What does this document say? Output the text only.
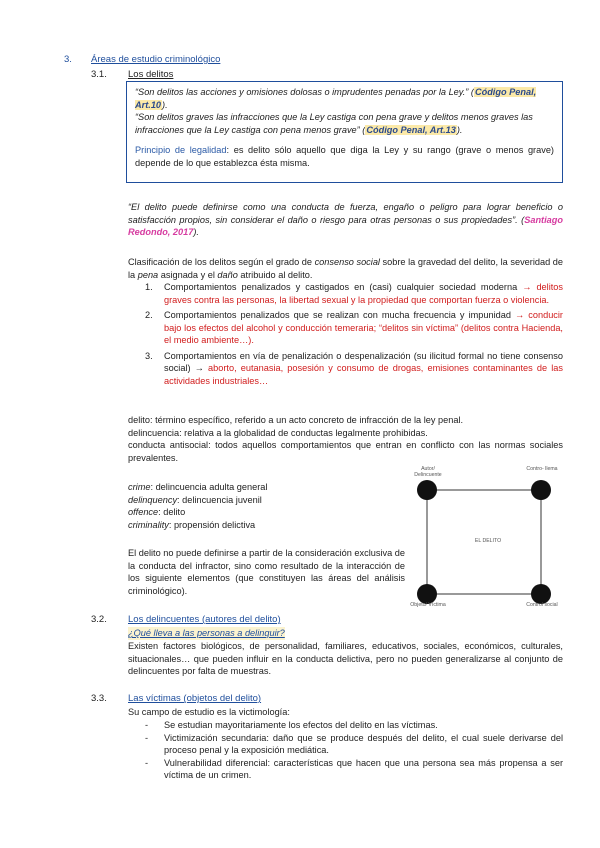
3. Áreas de estudio criminológico
3.1. Los delitos
“Son delitos las acciones y omisiones dolosas o imprudentes penadas por la Ley.” (Código Penal, Art.10).
“Son delitos graves las infracciones que la Ley castiga con pena grave y delitos menos graves las infracciones que la Ley castiga con pena menos grave” (Código Penal, Art.13).
Principio de legalidad: es delito sólo aquello que diga la Ley y su rango (grave o menos grave) depende de lo que establezca ésta misma.
“El delito puede definirse como una conducta de fuerza, engaño o peligro para lograr beneficio o satisfacción propios, sin considerar el daño o riesgo para otras personas o sus propiedades”. (Santiago Redondo, 2017).
Clasificación de los delitos según el grado de consenso social sobre la gravedad del delito, la severidad de la pena asignada y el daño atribuido al delito.
1. Comportamientos penalizados y castigados en (casi) cualquier sociedad moderna → delitos graves contra las personas, la libertad sexual y la propiedad que comportan fuerza o violencia.
2. Comportamientos penalizados que se realizan con mucha frecuencia y impunidad → conducir bajo los efectos del alcohol y conducción temeraria; “delitos sin víctima” (delitos contra Hacienda, el medio ambiente…).
3. Comportamientos en vía de penalización o despenalización (su ilicitud formal no tiene consenso social) → aborto, eutanasia, posesión y consumo de drogas, emisiones contaminantes de las actividades industriales…
delito: término específico, referido a un acto concreto de infracción de la ley penal.
delincuencia: relativa a la globalidad de conductas legalmente prohibidas.
conducta antisocial: todos aquellos comportamientos que entran en conflicto con las normas sociales prevalentes.
crime: delincuencia adulta general
delinquency: delincuencia juvenil
offence: delito
criminality: propensión delictiva
El delito no puede definirse a partir de la consideración exclusiva de la conducta del infractor, sino como resultado de la interacción de los siguiente elementos (que constituyen las áreas del análisis criminológico).
Autor/ Delincuente
Contro- llema
Objeto/ Víctima	Control social
EL DELITO
3.2. Los delincuentes (autores del delito)
¿Qué lleva a las personas a delinquir?
Existen factores biológicos, de personalidad, familiares, educativos, sociales, económicos, culturales, situacionales… que pueden influir en la conducta delictiva, pero no pueden generalizarse al conjunto de delincuentes por falta de muestras.
3.3. Las víctimas (objetos del delito)
Su campo de estudio es la victimología:
- Se estudian mayoritariamente los efectos del delito en las víctimas.
- Victimización secundaria: daño que se produce después del delito, el cual suele derivarse del proceso penal y la exposición mediática.
- Vulnerabilidad diferencial: características que hacen que una persona sea más propensa a ser víctima de un crimen.
